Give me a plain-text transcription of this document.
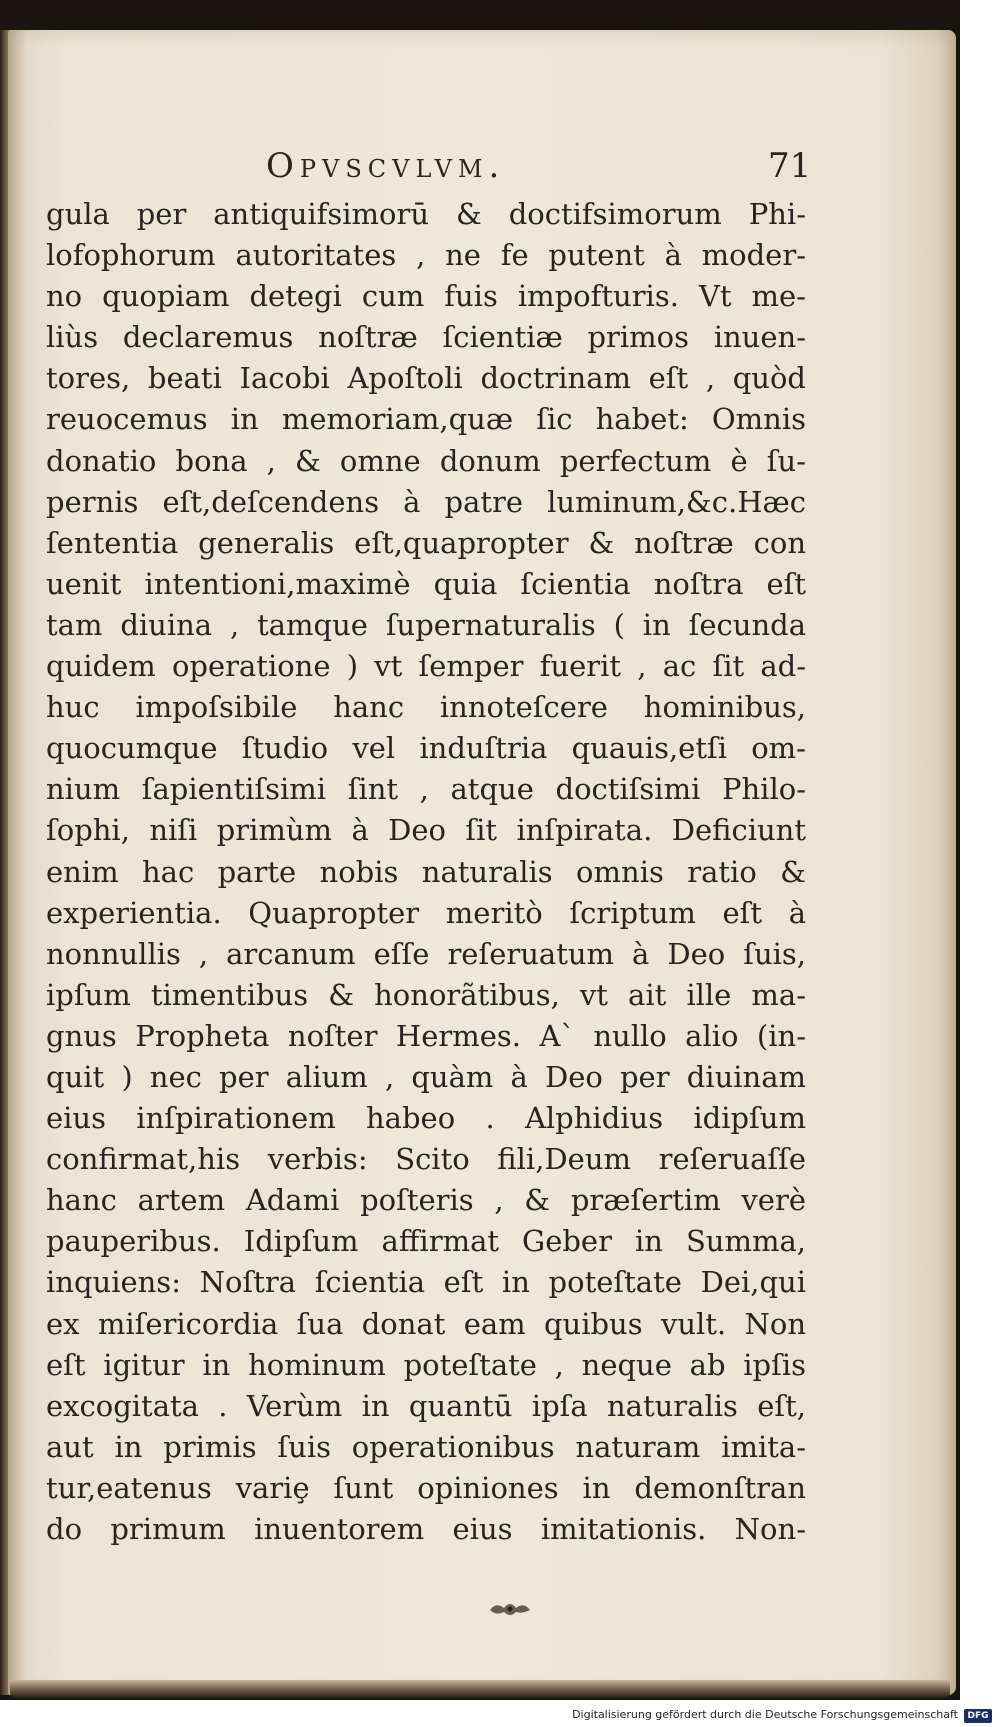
Opvscvlvm.	71
gula per antiquifsimorū & doctifsimorum Phi-
lofophorum autoritates , ne fe putent à moder-
no quopiam detegi cum fuis impofturis. Vt me-
liùs declaremus noſtræ ſcientiæ primos inuen-
tores, beati Iacobi Apoſtoli doctrinam eſt , quòd
reuocemus in memoriam,quæ ſic habet: Omnis
donatio bona , & omne donum perfectum è ſu-
pernis eſt,deſcendens à patre luminum,&c.Hæc
ſententia generalis eſt,quapropter & noſtræ con
uenit intentioni,maximè quia ſcientia noſtra eſt
tam diuina , tamque ſupernaturalis ( in ſecunda
quidem operatione ) vt ſemper fuerit , ac ſit ad-
huc impoſsibile hanc innoteſcere hominibus,
quocumque ſtudio vel induſtria quauis,etſi om-
nium ſapientiſsimi ſint , atque doctiſsimi Philo-
ſophi, niſi primùm à Deo ſit inſpirata. Deficiunt
enim hac parte nobis naturalis omnis ratio &
experientia. Quapropter meritò ſcriptum eſt à
nonnullis , arcanum eſſe reſeruatum à Deo ſuis,
ipſum timentibus & honorãtibus, vt ait ille ma-
gnus Propheta noſter Hermes. A` nullo alio (in-
quit ) nec per alium , quàm à Deo per diuinam
eius inſpirationem habeo . Alphidius idipſum
confirmat,his verbis: Scito fili,Deum reſeruaſſe
hanc artem Adami poſteris , & præſertim verè
pauperibus. Idipſum affirmat Geber in Summa,
inquiens: Noſtra ſcientia eſt in poteſtate Dei,qui
ex miſericordia ſua donat eam quibus vult. Non
eſt igitur in hominum poteſtate , neque ab ipſis
excogitata . Verùm in quantū ipſa naturalis eſt,
aut in primis ſuis operationibus naturam imita-
tur,eatenus variȩ ſunt opiniones in demonſtran
do primum inuentorem eius imitationis. Non-
Digitalisierung gefördert durch die Deutsche Forschungsgemeinschaft	DFG
